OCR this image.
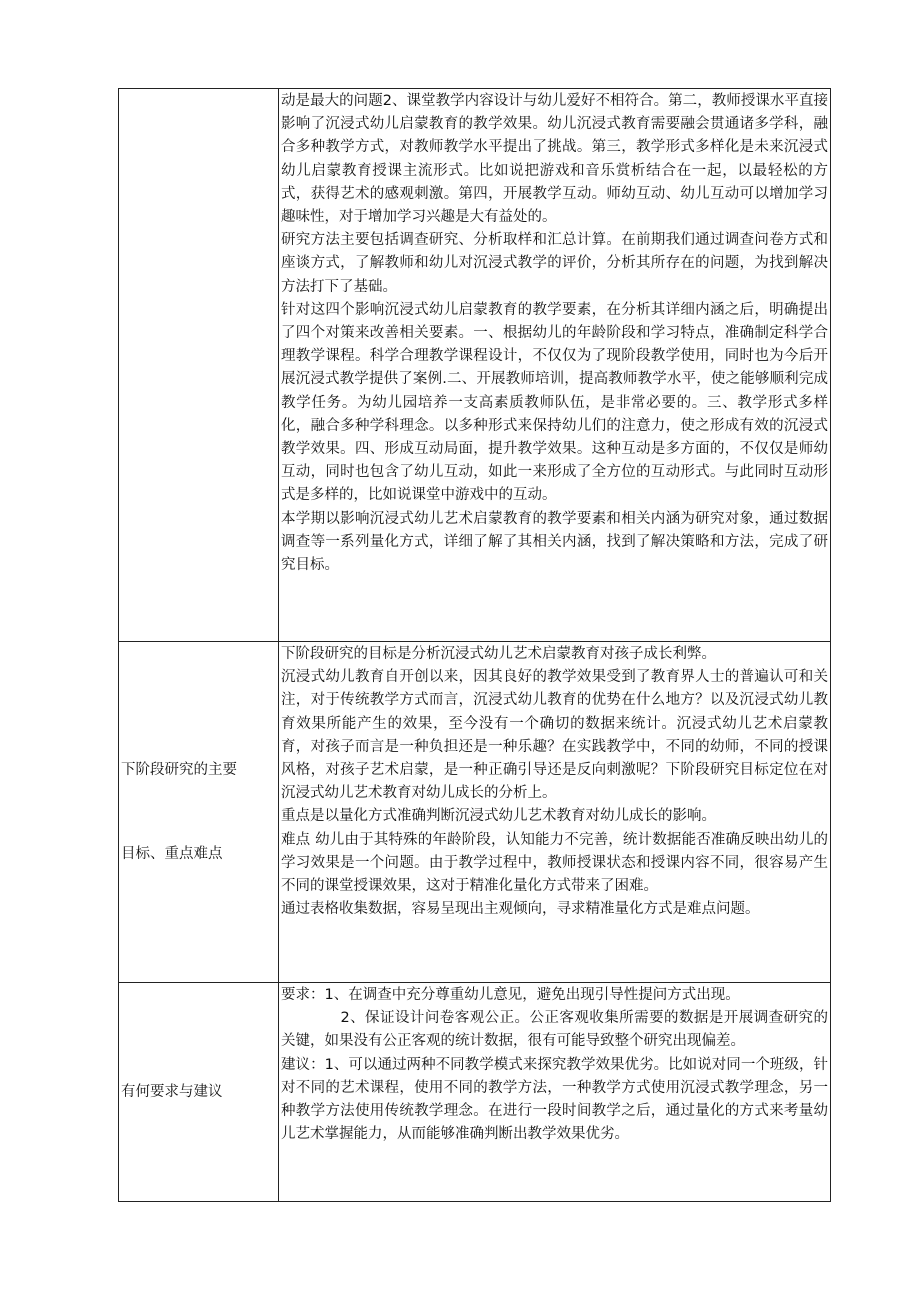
动是最大的问题2、课堂教学内容设计与幼儿爱好不相符合。第二，教师授课水平直接影响了沉浸式幼儿启蒙教育的教学效果。幼儿沉浸式教育需要融会贯通诸多学科，融合多种教学方式，对教师教学水平提出了挑战。第三，教学形式多样化是未来沉浸式幼儿启蒙教育授课主流形式。比如说把游戏和音乐赏析结合在一起，以最轻松的方式，获得艺术的感观刺激。第四，开展教学互动。师幼互动、幼儿互动可以增加学习趣味性，对于增加学习兴趣是大有益处的。

研究方法主要包括调查研究、分析取样和汇总计算。在前期我们通过调查问卷方式和座谈方式，了解教师和幼儿对沉浸式教学的评价，分析其所存在的问题，为找到解决方法打下了基础。

针对这四个影响沉浸式幼儿启蒙教育的教学要素，在分析其详细内涵之后，明确提出了四个对策来改善相关要素。一、根据幼儿的年龄阶段和学习特点，准确制定科学合理教学课程。科学合理教学课程设计，不仅仅为了现阶段教学使用，同时也为今后开展沉浸式教学提供了案例.二、开展教师培训，提高教师教学水平，使之能够顺利完成教学任务。为幼儿园培养一支高素质教师队伍，是非常必要的。三、教学形式多样化，融合多种学科理念。以多种形式来保持幼儿们的注意力，使之形成有效的沉浸式教学效果。四、形成互动局面，提升教学效果。这种互动是多方面的，不仅仅是师幼互动，同时也包含了幼儿互动，如此一来形成了全方位的互动形式。与此同时互动形式是多样的，比如说课堂中游戏中的互动。

本学期以影响沉浸式幼儿艺术启蒙教育的教学要素和相关内涵为研究对象，通过数据调查等一系列量化方式，详细了解了其相关内涵，找到了解决策略和方法，完成了研究目标。

下阶段研究的主要
目标、重点难点

下阶段研究的目标是分析沉浸式幼儿艺术启蒙教育对孩子成长利弊。

沉浸式幼儿教育自开创以来，因其良好的教学效果受到了教育界人士的普遍认可和关注，对于传统教学方式而言，沉浸式幼儿教育的优势在什么地方？以及沉浸式幼儿教育效果所能产生的效果，至今没有一个确切的数据来统计。沉浸式幼儿艺术启蒙教育，对孩子而言是一种负担还是一种乐趣？在实践教学中，不同的幼师，不同的授课风格，对孩子艺术启蒙，是一种正确引导还是反向刺激呢？下阶段研究目标定位在对沉浸式幼儿艺术教育对幼儿成长的分析上。

重点是以量化方式准确判断沉浸式幼儿艺术教育对幼儿成长的影响。

难点 幼儿由于其特殊的年龄阶段，认知能力不完善，统计数据能否准确反映出幼儿的学习效果是一个问题。由于教学过程中，教师授课状态和授课内容不同，很容易产生不同的课堂授课效果，这对于精准化量化方式带来了困难。

通过表格收集数据，容易呈现出主观倾向，寻求精准量化方式是难点问题。

有何要求与建议

要求：1、在调查中充分尊重幼儿意见，避免出现引导性提问方式出现。

2、保证设计问卷客观公正。公正客观收集所需要的数据是开展调查研究的关键，如果没有公正客观的统计数据，很有可能导致整个研究出现偏差。

建议：1、可以通过两种不同教学模式来探究教学效果优劣。比如说对同一个班级，针对不同的艺术课程，使用不同的教学方法，一种教学方式使用沉浸式教学理念，另一种教学方法使用传统教学理念。在进行一段时间教学之后，通过量化的方式来考量幼儿艺术掌握能力，从而能够准确判断出教学效果优劣。
